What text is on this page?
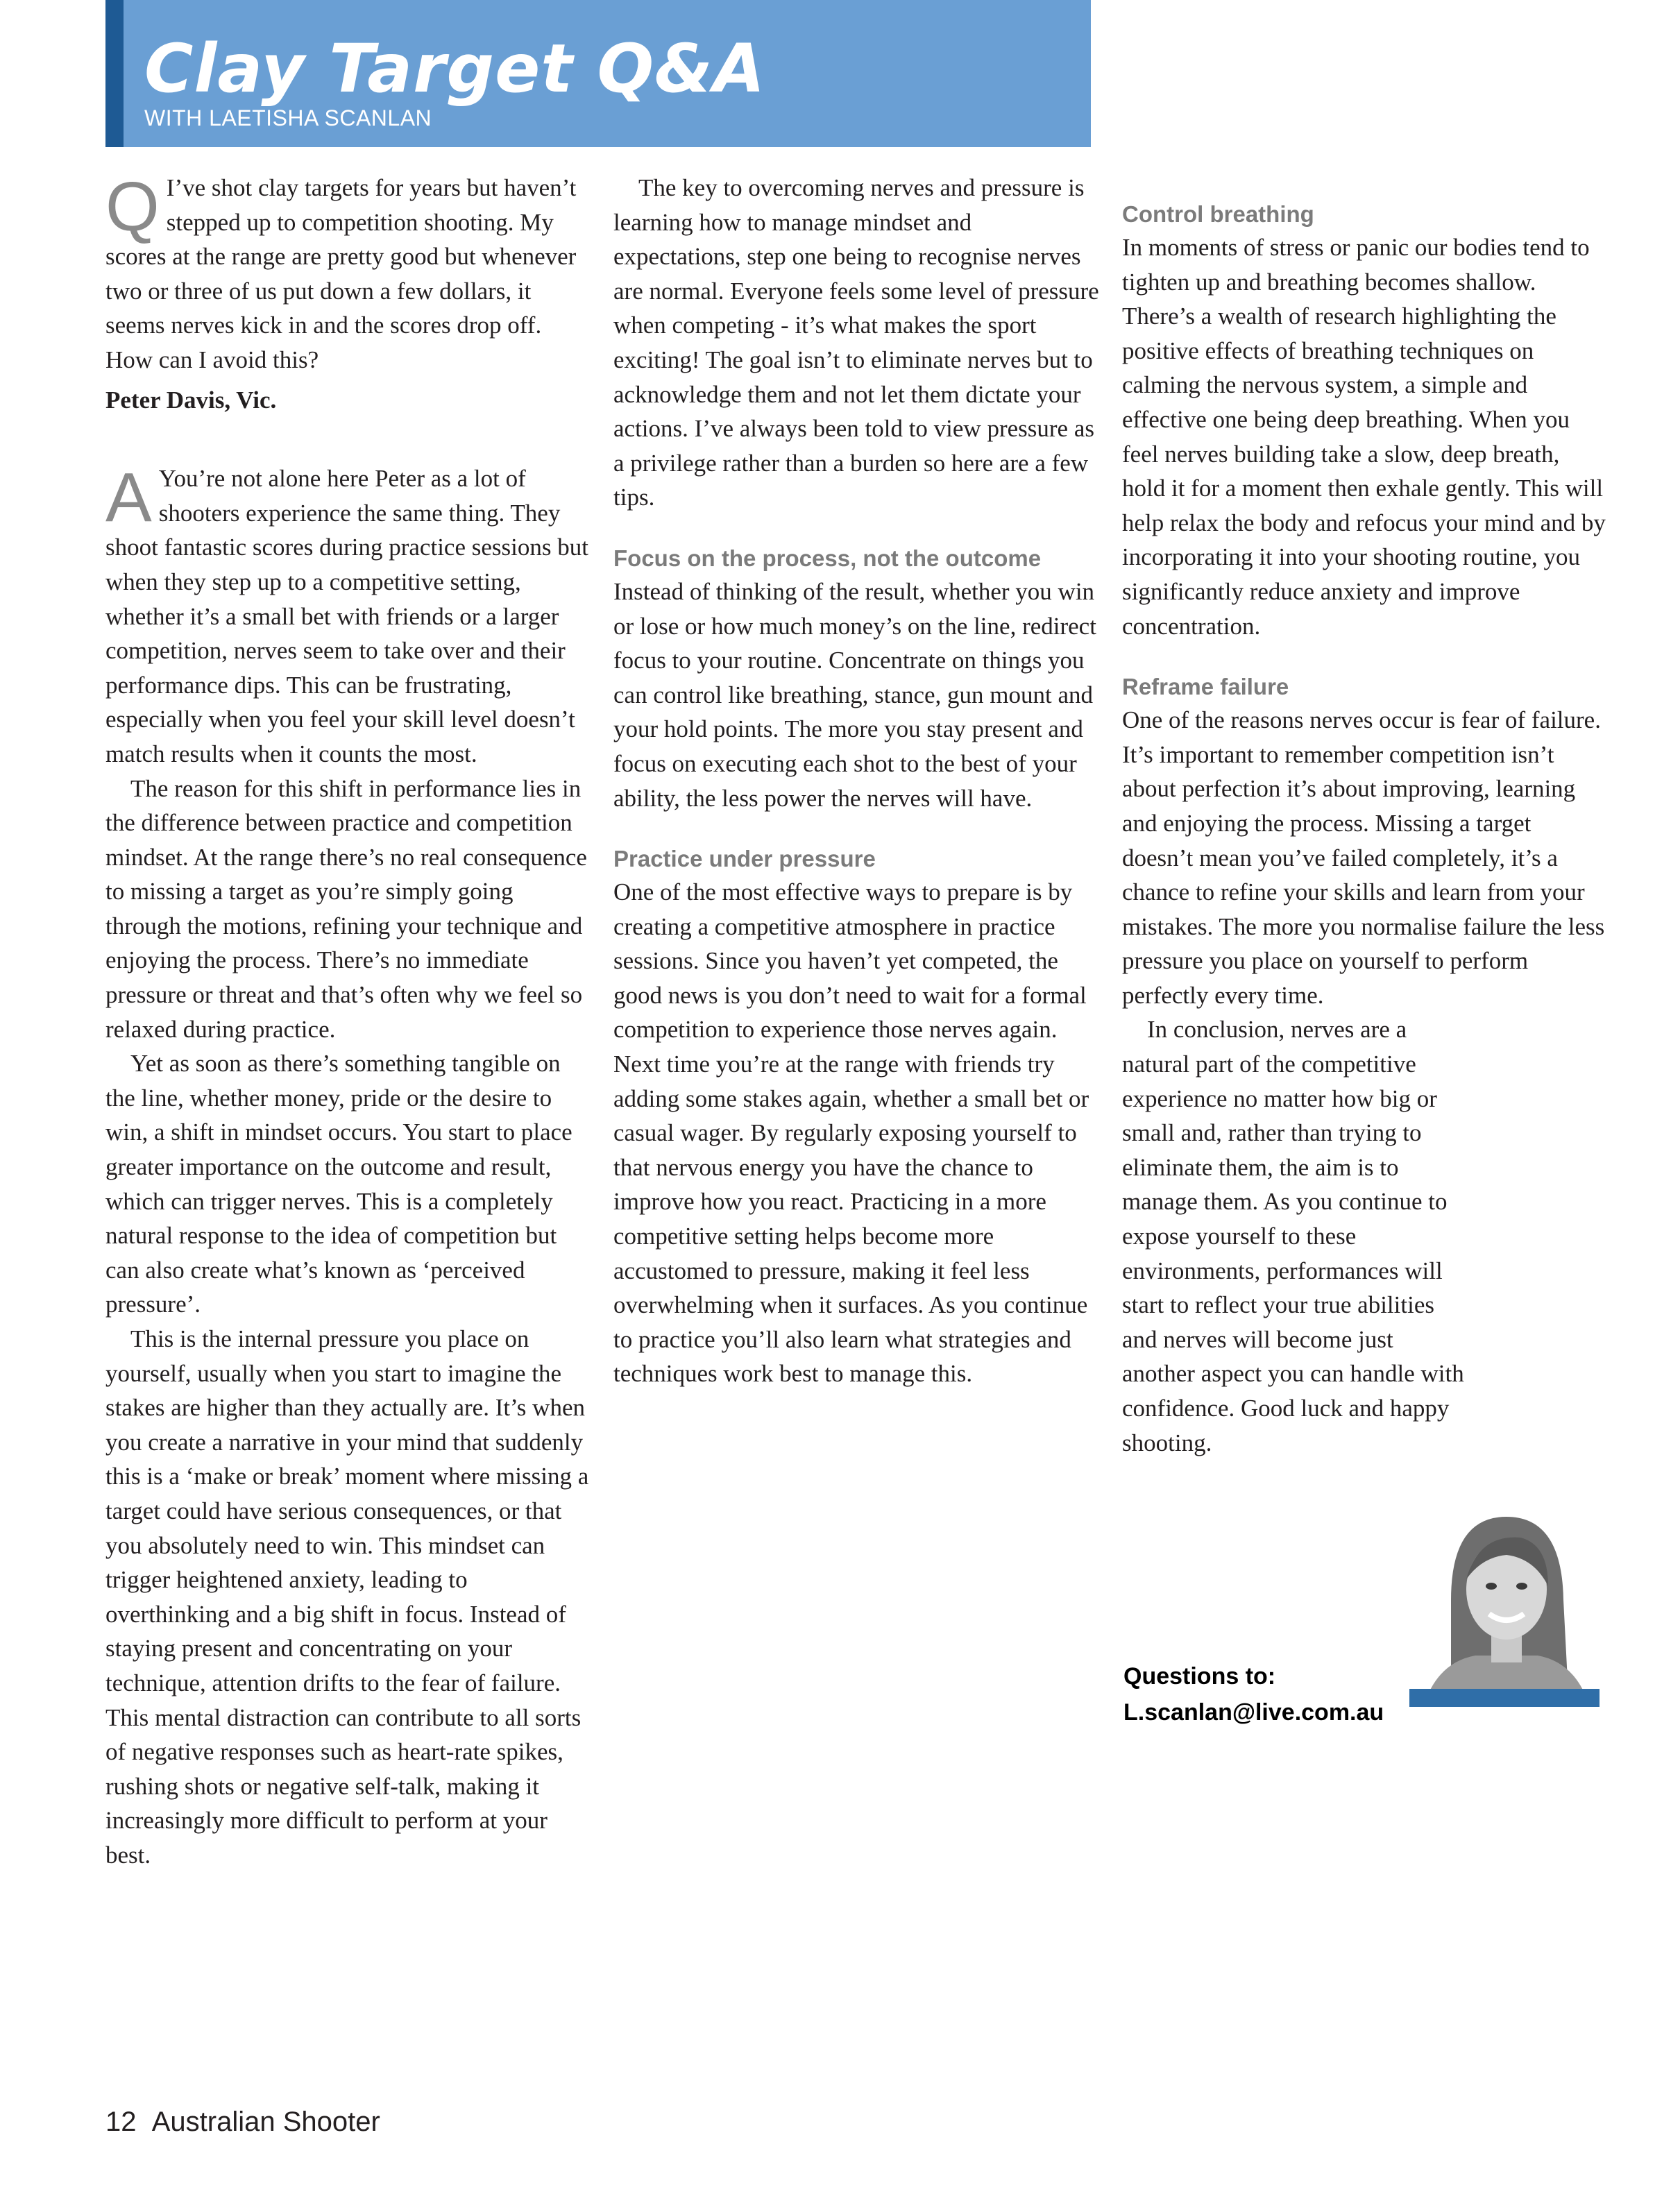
Clay Target Q&A
WITH LAETISHA SCANLAN

Q I’ve shot clay targets for years but haven’t stepped up to competition shooting. My scores at the range are pretty good but whenever two or three of us put down a few dollars, it seems nerves kick in and the scores drop off. How can I avoid this?

Peter Davis, Vic.

A You’re not alone here Peter as a lot of shooters experience the same thing. They shoot fantastic scores during practice sessions but when they step up to a competitive setting, whether it’s a small bet with friends or a larger competition, nerves seem to take over and their performance dips. This can be frustrating, especially when you feel your skill level doesn’t match results when it counts the most.

The reason for this shift in performance lies in the difference between practice and competition mindset. At the range there’s no real consequence to missing a target as you’re simply going through the motions, refining your technique and enjoying the process. There’s no immediate pressure or threat and that’s often why we feel so relaxed during practice.

Yet as soon as there’s something tangible on the line, whether money, pride or the desire to win, a shift in mindset occurs. You start to place greater importance on the outcome and result, which can trigger nerves. This is a completely natural response to the idea of competition but can also create what’s known as ‘perceived pressure’.

This is the internal pressure you place on yourself, usually when you start to imagine the stakes are higher than they actually are. It’s when you create a narrative in your mind that suddenly this is a ‘make or break’ moment where missing a target could have serious consequences, or that you absolutely need to win. This mindset can trigger heightened anxiety, leading to overthinking and a big shift in focus. Instead of staying present and concentrating on your technique, attention drifts to the fear of failure. This mental distraction can contribute to all sorts of negative responses such as heart-rate spikes, rushing shots or negative self-talk, making it increasingly more difficult to perform at your best.

The key to overcoming nerves and pressure is learning how to manage mindset and expectations, step one being to recognise nerves are normal. Everyone feels some level of pressure when competing - it’s what makes the sport exciting! The goal isn’t to eliminate nerves but to acknowledge them and not let them dictate your actions. I’ve always been told to view pressure as a privilege rather than a burden so here are a few tips.

Focus on the process, not the outcome

Instead of thinking of the result, whether you win or lose or how much money’s on the line, redirect focus to your routine. Concentrate on things you can control like breathing, stance, gun mount and your hold points. The more you stay present and focus on executing each shot to the best of your ability, the less power the nerves will have.

Practice under pressure

One of the most effective ways to prepare is by creating a competitive atmosphere in practice sessions. Since you haven’t yet competed, the good news is you don’t need to wait for a formal competition to experience those nerves again. Next time you’re at the range with friends try adding some stakes again, whether a small bet or casual wager. By regularly exposing yourself to that nervous energy you have the chance to improve how you react. Practicing in a more competitive setting helps become more accustomed to pressure, making it feel less overwhelming when it surfaces. As you continue to practice you’ll also learn what strategies and techniques work best to manage this.

Control breathing

In moments of stress or panic our bodies tend to tighten up and breathing becomes shallow. There’s a wealth of research highlighting the positive effects of breathing techniques on calming the nervous system, a simple and effective one being deep breathing. When you feel nerves building take a slow, deep breath, hold it for a moment then exhale gently. This will help relax the body and refocus your mind and by incorporating it into your shooting routine, you significantly reduce anxiety and improve concentration.

Reframe failure

One of the reasons nerves occur is fear of failure. It’s important to remember competition isn’t about perfection it’s about improving, learning and enjoying the process. Missing a target doesn’t mean you’ve failed completely, it’s a chance to refine your skills and learn from your mistakes. The more you normalise failure the less pressure you place on yourself to perform perfectly every time.

In conclusion, nerves are a natural part of the competitive experience no matter how big or small and, rather than trying to eliminate them, the aim is to manage them. As you continue to expose yourself to these environments, performances will start to reflect your true abilities and nerves will become just another aspect you can handle with confidence. Good luck and happy shooting.

Questions to:
L.scanlan@live.com.au
12 Australian Shooter
